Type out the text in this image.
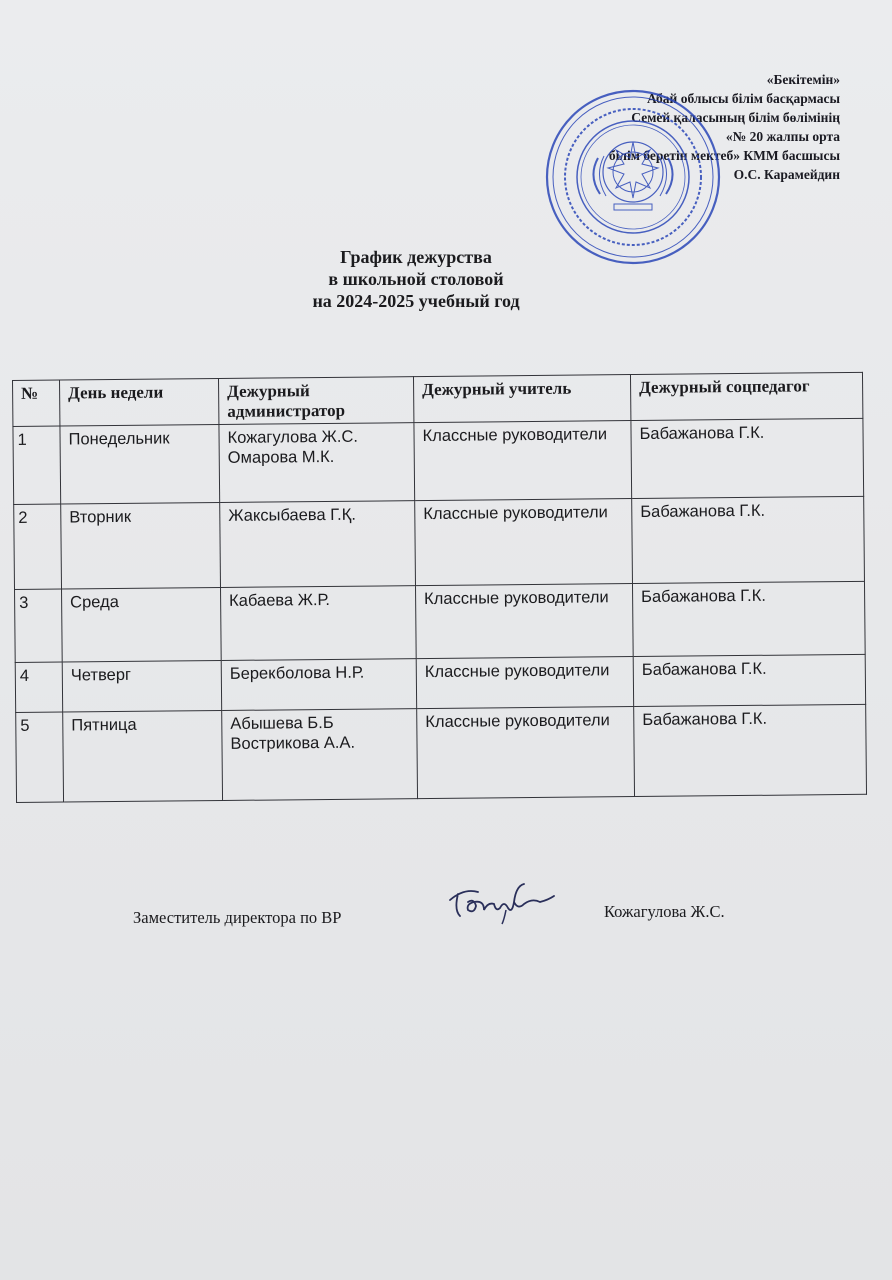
«Бекітемін»
Абай облысы білім басқармасы
Семей қаласының білім бөлімінің
«№ 20 жалпы орта
білім беретін мектеб» КММ басшысы
О.С. Карамейдин
График дежурства
в школьной столовой
на 2024-2025 учебный год
№	День недели	Дежурный администратор	Дежурный учитель	Дежурный соцпедагог
1	Понедельник	Кожагулова Ж.С. Омарова М.К.	Классные руководители	Бабажанова Г.К.
2	Вторник	Жаксыбаева Г.Қ.	Классные руководители	Бабажанова Г.К.
3	Среда	Кабаева Ж.Р.	Классные руководители	Бабажанова Г.К.
4	Четверг	Берекболова Н.Р.	Классные руководители	Бабажанова Г.К.
5	Пятница	Абышева Б.Б Вострикова А.А.	Классные руководители	Бабажанова Г.К.
Заместитель директора по ВР	Кожагулова Ж.С.
